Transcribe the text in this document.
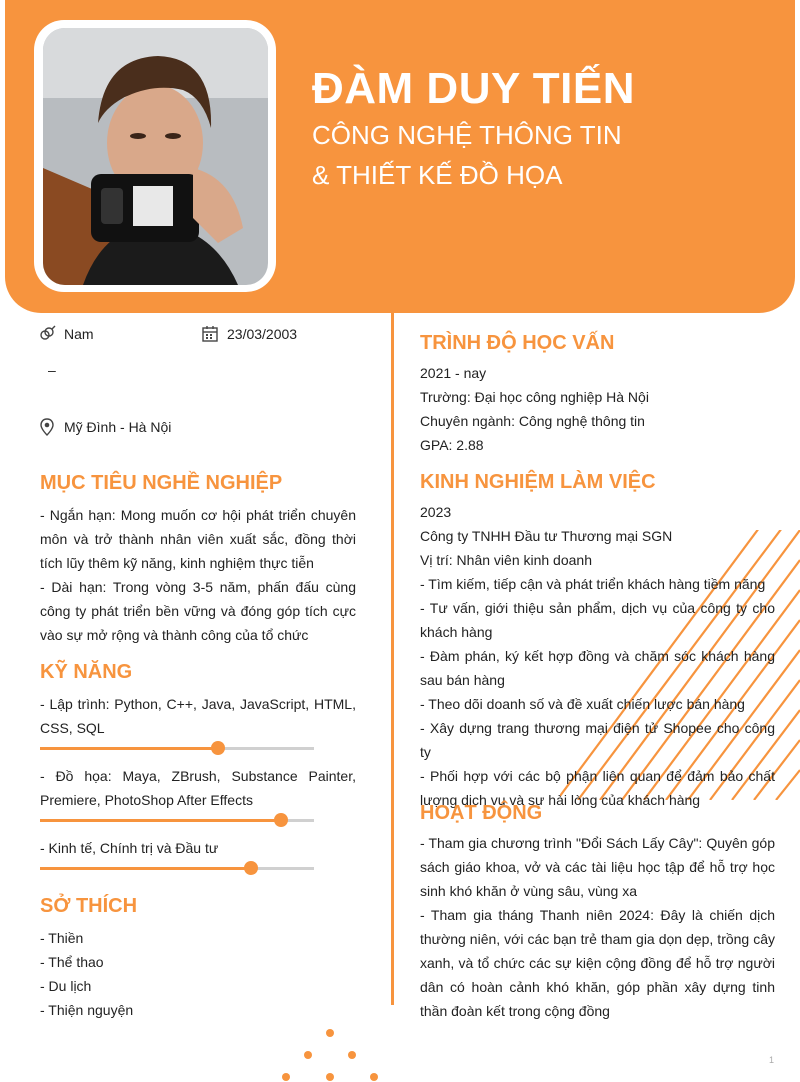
ĐÀM DUY TIẾN
CÔNG NGHỆ THÔNG TIN
& THIẾT KẾ ĐỒ HỌA
Nam	23/03/2003
–
Mỹ Đình - Hà Nội
MỤC TIÊU NGHỀ NGHIỆP

- Ngắn hạn: Mong muốn cơ hội phát triển chuyên môn và trở thành nhân viên xuất sắc, đồng thời tích lũy thêm kỹ năng, kinh nghiệm thực tiễn

- Dài hạn: Trong vòng 3-5 năm, phấn đấu cùng công ty phát triển bền vững và đóng góp tích cực vào sự mở rộng và thành công của tổ chức

KỸ NĂNG
- Lập trình: Python, C++, Java, JavaScript, HTML, CSS, SQL
- Đồ họa: Maya, ZBrush, Substance Painter, Premiere, PhotoShop After Effects
- Kinh tế, Chính trị và Đầu tư
SỞ THÍCH

- Thiền

- Thể thao

- Du lịch

- Thiện nguyện

TRÌNH ĐỘ HỌC VẤN

2021 - nay

Trường: Đại học công nghiệp Hà Nội

Chuyên ngành: Công nghệ thông tin

GPA: 2.88

KINH NGHIỆM LÀM VIỆC

2023

Công ty TNHH Đầu tư Thương mại SGN

Vị trí: Nhân viên kinh doanh

- Tìm kiếm, tiếp cận và phát triển khách hàng tiềm năng

- Tư vấn, giới thiệu sản phẩm, dịch vụ của công ty cho khách hàng

- Đàm phán, ký kết hợp đồng và chăm sóc khách hàng sau bán hàng

- Theo dõi doanh số và đề xuất chiến lược bán hàng

- Xây dựng trang thương mại điện tử Shopee cho công ty

- Phối hợp với các bộ phận liên quan để đảm bảo chất lượng dịch vụ và sự hài lòng của khách hàng

HOẠT ĐỘNG

- Tham gia chương trình "Đổi Sách Lấy Cây": Quyên góp sách giáo khoa, vở và các tài liệu học tập để hỗ trợ học sinh khó khăn ở vùng sâu, vùng xa

- Tham gia tháng Thanh niên 2024: Đây là chiến dịch thường niên, với các bạn trẻ tham gia dọn dẹp, trồng cây xanh, và tổ chức các sự kiện cộng đồng để hỗ trợ người dân có hoàn cảnh khó khăn, góp phần xây dựng tinh thần đoàn kết trong cộng đồng

1
